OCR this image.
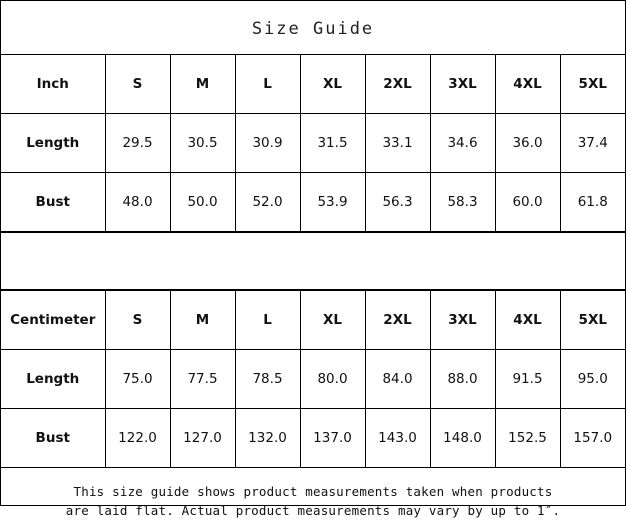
Size Guide
Inch	S	M	L	XL	2XL	3XL	4XL	5XL
Length	29.5	30.5	30.9	31.5	33.1	34.6	36.0	37.4
Bust	48.0	50.0	52.0	53.9	56.3	58.3	60.0	61.8
Centimeter	S	M	L	XL	2XL	3XL	4XL	5XL
Length	75.0	77.5	78.5	80.0	84.0	88.0	91.5	95.0
Bust	122.0	127.0	132.0	137.0	143.0	148.0	152.5	157.0
This size guide shows product measurements taken when products
are laid flat. Actual product measurements may vary by up to 1″.
